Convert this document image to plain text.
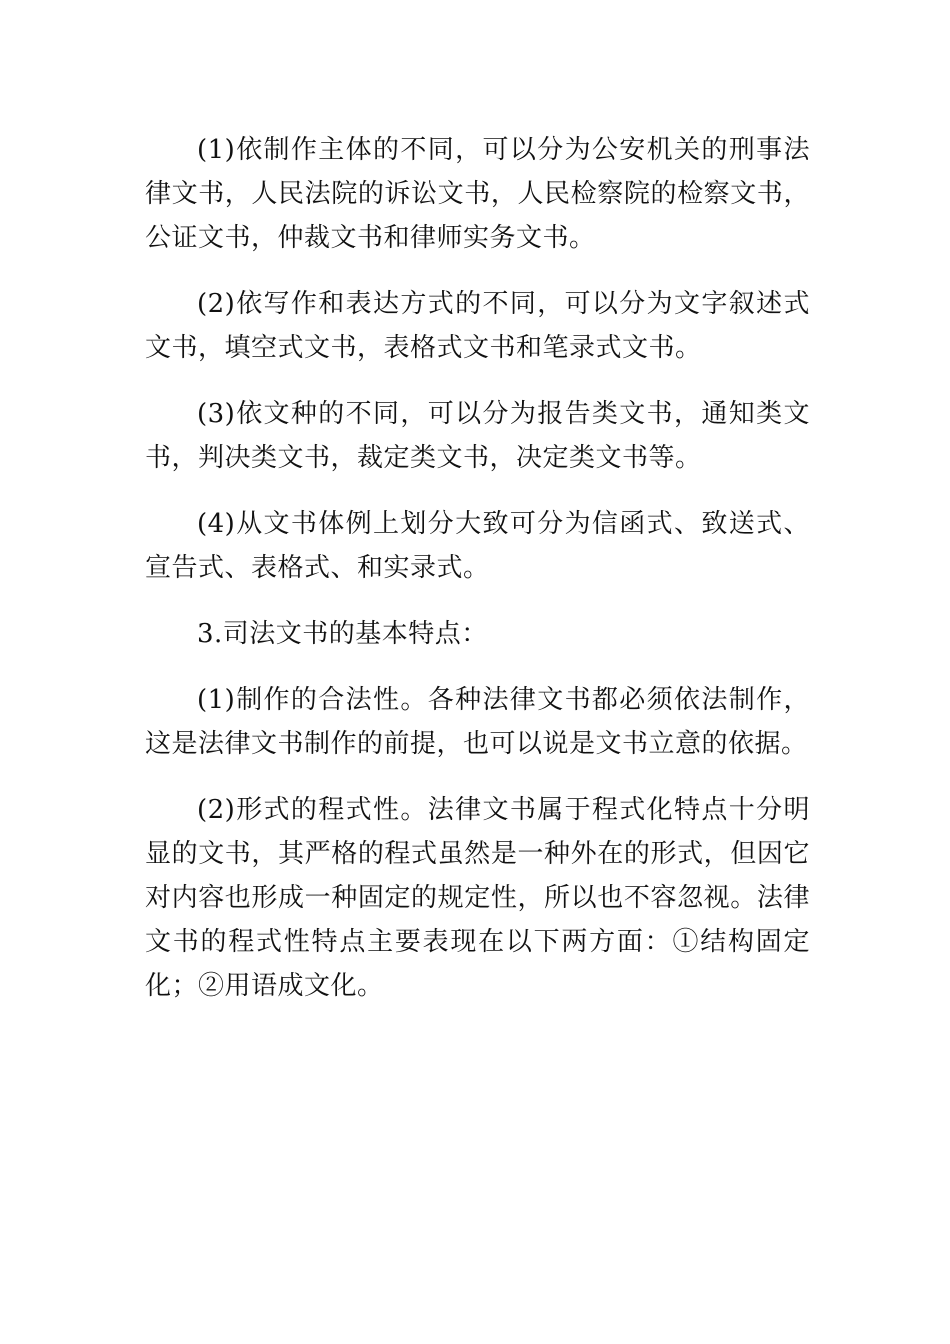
(1)依制作主体的不同，可以分为公安机关的刑事法律文书，人民法院的诉讼文书，人民检察院的检察文书，公证文书，仲裁文书和律师实务文书。

(2)依写作和表达方式的不同，可以分为文字叙述式文书，填空式文书，表格式文书和笔录式文书。

(3)依文种的不同，可以分为报告类文书，通知类文书，判决类文书，裁定类文书，决定类文书等。

(4)从文书体例上划分大致可分为信函式、致送式、宣告式、表格式、和实录式。

3.司法文书的基本特点：

(1)制作的合法性。各种法律文书都必须依法制作，这是法律文书制作的前提，也可以说是文书立意的依据。

(2)形式的程式性。法律文书属于程式化特点十分明显的文书，其严格的程式虽然是一种外在的形式，但因它对内容也形成一种固定的规定性，所以也不容忽视。法律文书的程式性特点主要表现在以下两方面：①结构固定化；②用语成文化。
